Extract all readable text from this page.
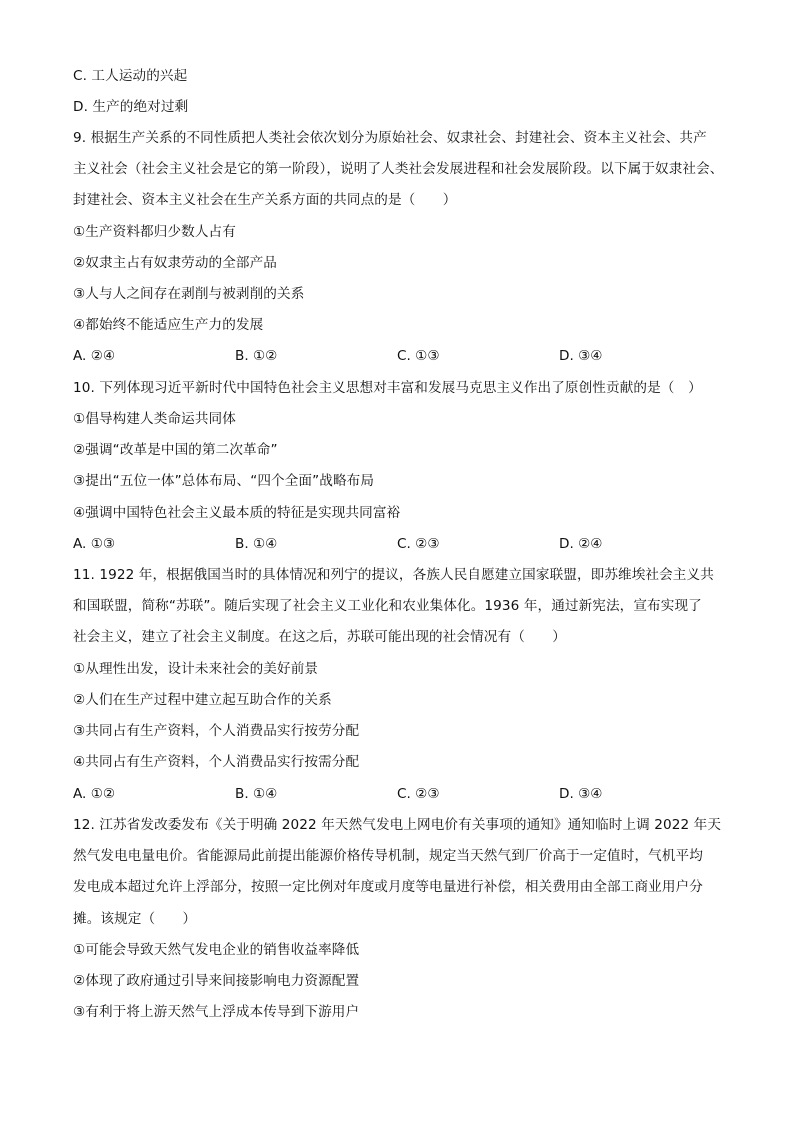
C. 工人运动的兴起
D. 生产的绝对过剩
9. 根据生产关系的不同性质把人类社会依次划分为原始社会、奴隶社会、封建社会、资本主义社会、共产
主义社会（社会主义社会是它的第一阶段），说明了人类社会发展进程和社会发展阶段。以下属于奴隶社会、
封建社会、资本主义社会在生产关系方面的共同点的是（　　）
①生产资料都归少数人占有
②奴隶主占有奴隶劳动的全部产品
③人与人之间存在剥削与被剥削的关系
④都始终不能适应生产力的发展
A. ②④	B. ①②	C. ①③	D. ③④
10. 下列体现习近平新时代中国特色社会主义思想对丰富和发展马克思主义作出了原创性贡献的是（　）
①倡导构建人类命运共同体
②强调“改革是中国的第二次革命”
③提出“五位一体”总体布局、“四个全面”战略布局
④强调中国特色社会主义最本质的特征是实现共同富裕
A. ①③	B. ①④	C. ②③	D. ②④
11. 1922 年，根据俄国当时的具体情况和列宁的提议，各族人民自愿建立国家联盟，即苏维埃社会主义共
和国联盟，简称“苏联”。随后实现了社会主义工业化和农业集体化。1936 年，通过新宪法，宣布实现了
社会主义，建立了社会主义制度。在这之后，苏联可能出现的社会情况有（　　）
①从理性出发，设计未来社会的美好前景
②人们在生产过程中建立起互助合作的关系
③共同占有生产资料，个人消费品实行按劳分配
④共同占有生产资料，个人消费品实行按需分配
A. ①②	B. ①④	C. ②③	D. ③④
12. 江苏省发改委发布《关于明确 2022 年天然气发电上网电价有关事项的通知》通知临时上调 2022 年天
然气发电电量电价。省能源局此前提出能源价格传导机制，规定当天然气到厂价高于一定值时，气机平均
发电成本超过允许上浮部分，按照一定比例对年度或月度等电量进行补偿，相关费用由全部工商业用户分
摊。该规定（　　）
①可能会导致天然气发电企业的销售收益率降低
②体现了政府通过引导来间接影响电力资源配置
③有利于将上游天然气上浮成本传导到下游用户
